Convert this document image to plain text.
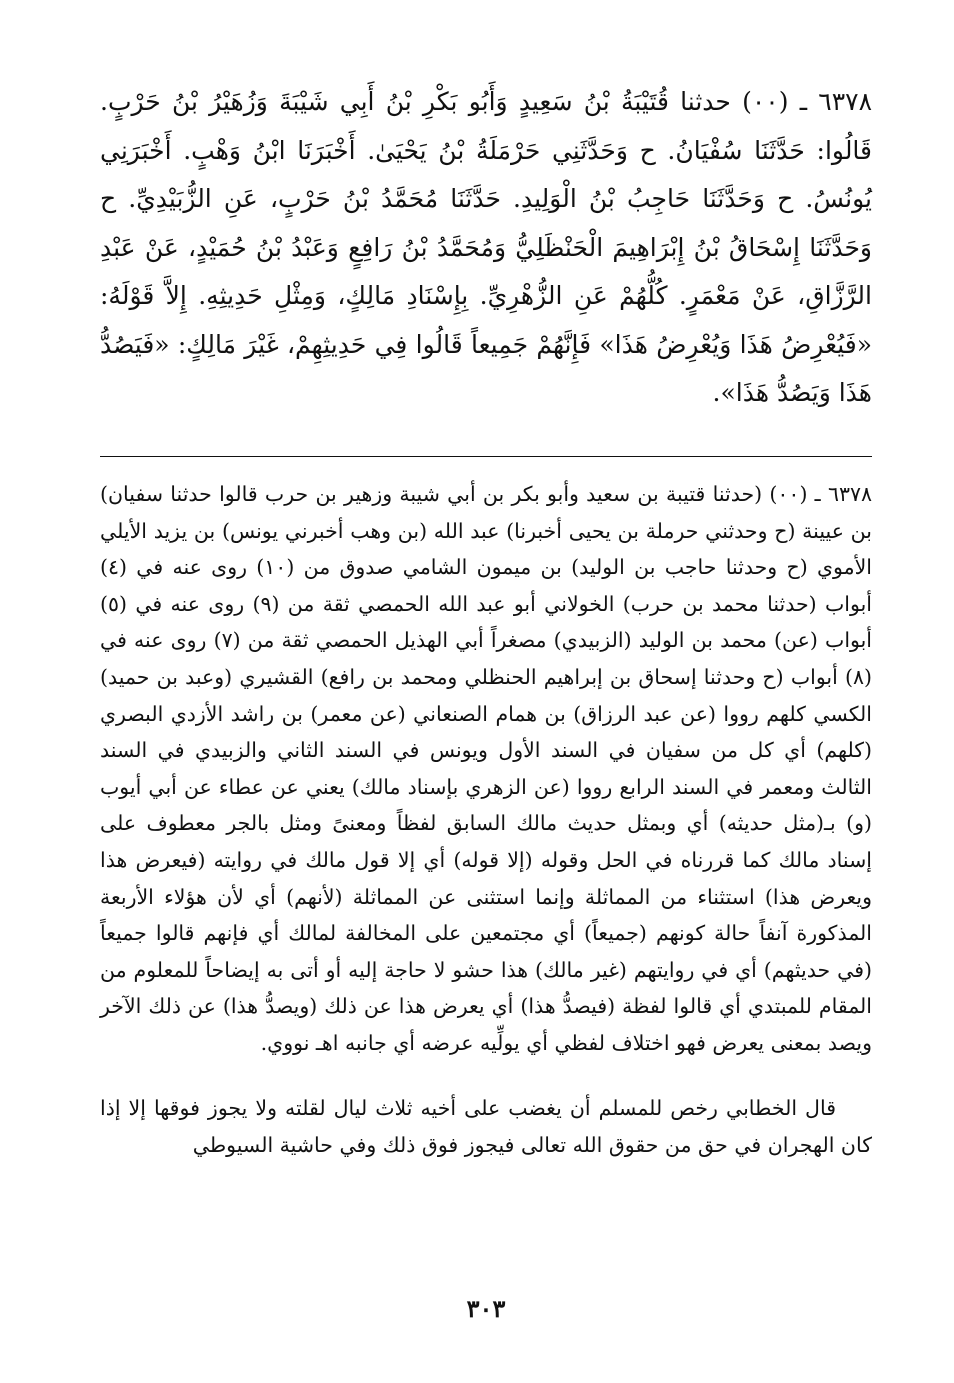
٦٣٧٨ ـ (٠٠) حدثنا قُتَيْبَةُ بْنُ سَعِيدٍ وَأَبُو بَكْرِ بْنُ أَبِي شَيْبَةَ وَزُهَيْرُ بْنُ حَرْبٍ. قَالُوا: حَدَّثَنَا سُفْيَانُ. ح وَحَدَّثَنِي حَرْمَلَةُ بْنُ يَحْيَىٰ. أَخْبَرَنَا ابْنُ وَهْبٍ. أَخْبَرَنِي يُونُسُ. ح وَحَدَّثَنَا حَاجِبُ بْنُ الْوَلِيدِ. حَدَّثَنَا مُحَمَّدُ بْنُ حَرْبٍ، عَنِ الزُّبَيْدِيِّ. ح وَحَدَّثَنَا إِسْحَاقُ بْنُ إِبْرَاهِيمَ الْحَنْظَلِيُّ وَمُحَمَّدُ بْنُ رَافِعٍ وَعَبْدُ بْنُ حُمَيْدٍ، عَنْ عَبْدِ الرَّزَّاقِ، عَنْ مَعْمَرٍ. كُلُّهُمْ عَنِ الزُّهْرِيِّ. بِإِسْنَادِ مَالِكٍ، وَمِثْلِ حَدِيثِهِ. إِلاَّ قَوْلَهُ: «فَيُعْرِضُ هَذَا وَيُعْرِضُ هَذَا» فَإِنَّهُمْ جَمِيعاً قَالُوا فِي حَدِيثِهِمْ، غَيْرَ مَالِكٍ: «فَيَصُدُّ هَذَا وَيَصُدُّ هَذَا».

٦٣٧٨ ـ (٠٠) (حدثنا قتيبة بن سعيد وأبو بكر بن أبي شيبة وزهير بن حرب قالوا حدثنا سفيان) بن عيينة (ح وحدثني حرملة بن يحيى أخبرنا) عبد الله (بن وهب أخبرني يونس) بن يزيد الأيلي الأموي (ح وحدثنا حاجب بن الوليد) بن ميمون الشامي صدوق من (١٠) روى عنه في (٤) أبواب (حدثنا محمد بن حرب) الخولاني أبو عبد الله الحمصي ثقة من (٩) روى عنه في (٥) أبواب (عن) محمد بن الوليد (الزبيدي) مصغراً أبي الهذيل الحمصي ثقة من (٧) روى عنه في (٨) أبواب (ح وحدثنا إسحاق بن إبراهيم الحنظلي ومحمد بن رافع) القشيري (وعبد بن حميد) الكسي كلهم رووا (عن عبد الرزاق) بن همام الصنعاني (عن معمر) بن راشد الأزدي البصري (كلهم) أي كل من سفيان في السند الأول ويونس في السند الثاني والزبيدي في السند الثالث ومعمر في السند الرابع رووا (عن الزهري بإسناد مالك) يعني عن عطاء عن أبي أيوب (و) بـ(مثل حديثه) أي وبمثل حديث مالك السابق لفظاً ومعنىً ومثل بالجر معطوف على إسناد مالك كما قررناه في الحل وقوله (إلا قوله) أي إلا قول مالك في روايته (فيعرض هذا ويعرض هذا) استثناء من المماثلة وإنما استثنى عن المماثلة (لأنهم) أي لأن هؤلاء الأربعة المذكورة آنفاً حالة كونهم (جميعاً) أي مجتمعين على المخالفة لمالك أي فإنهم قالوا جميعاً (في حديثهم) أي في روايتهم (غير مالك) هذا حشو لا حاجة إليه أو أتى به إيضاحاً للمعلوم من المقام للمبتدي أي قالوا لفظة (فيصدُّ هذا) أي يعرض هذا عن ذلك (ويصدُّ هذا) عن ذلك الآخر ويصد بمعنى يعرض فهو اختلاف لفظي أي يولِّيه عرضه أي جانبه اهـ نووي.

قال الخطابي رخص للمسلم أن يغضب على أخيه ثلاث ليال لقلته ولا يجوز فوقها إلا إذا كان الهجران في حق من حقوق الله تعالى فيجوز فوق ذلك وفي حاشية السيوطي

٣٠٣
